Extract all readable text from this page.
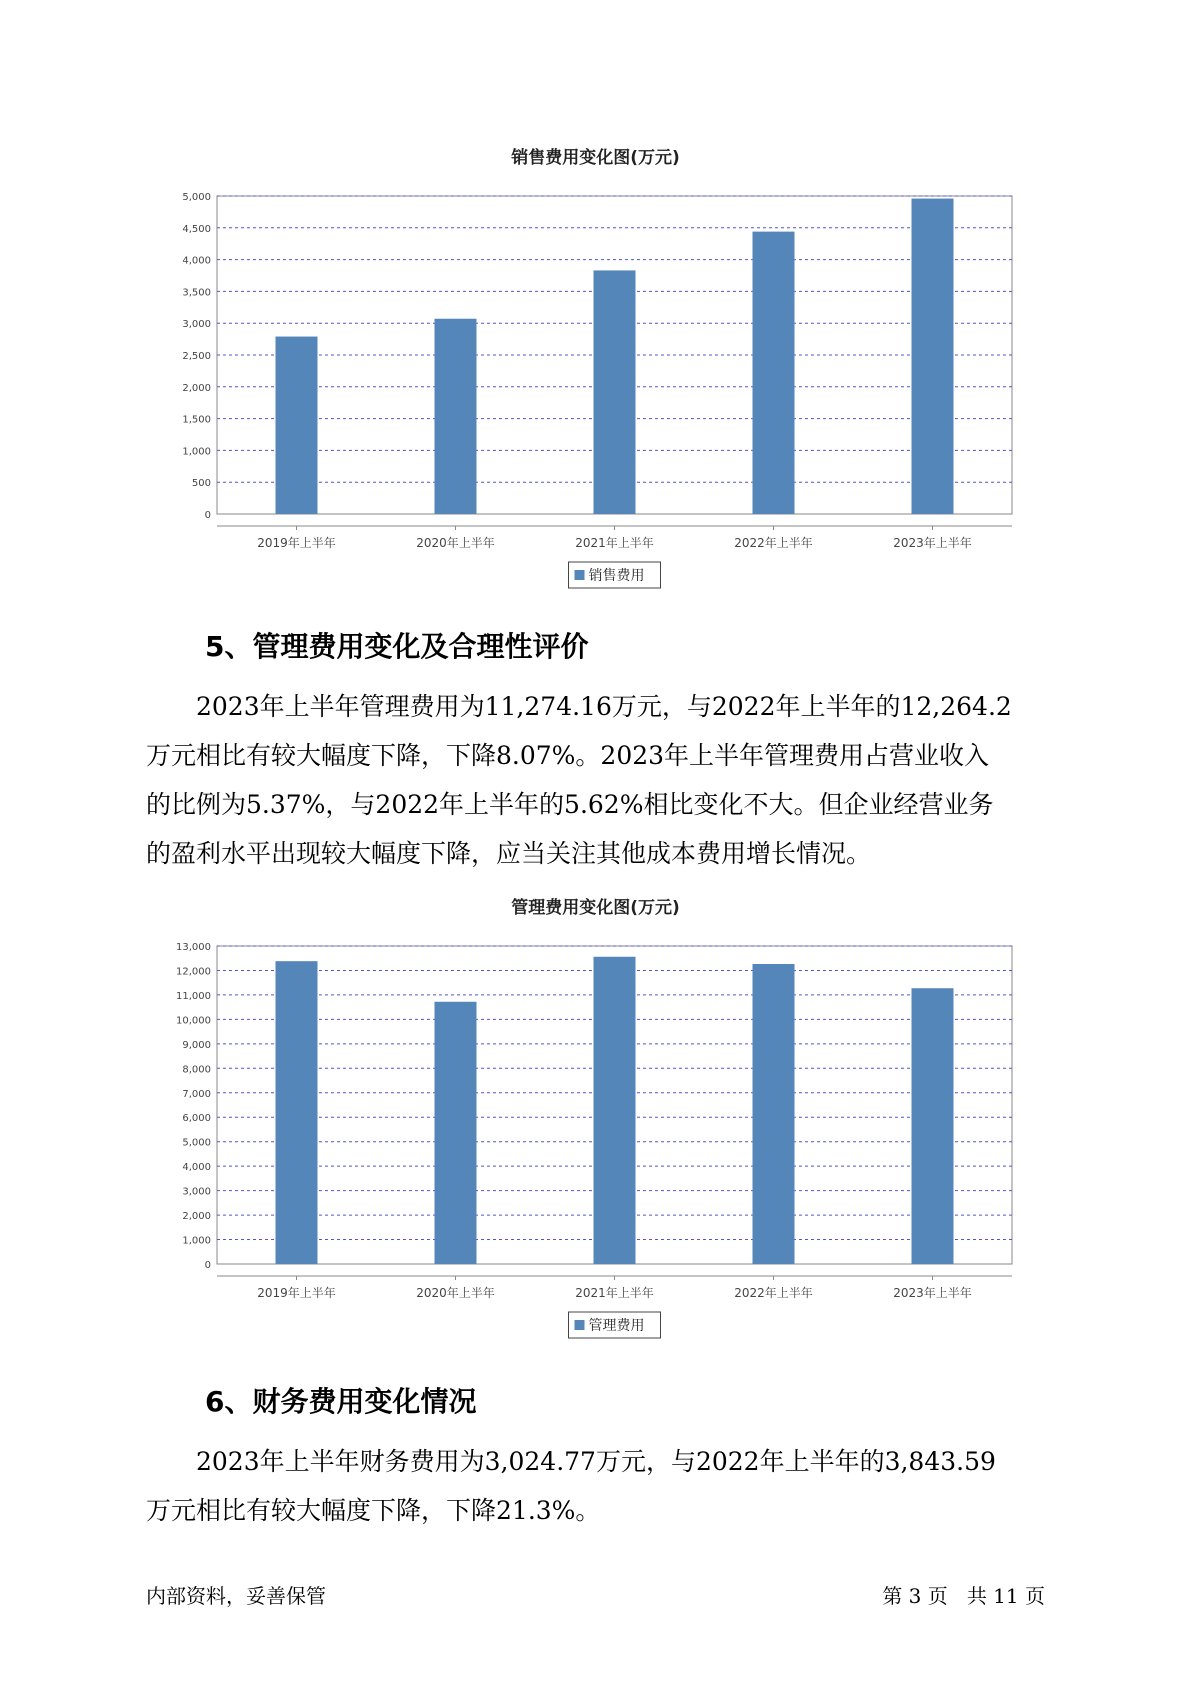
销售费用变化图(万元)
0
500
1,000
1,500
2,000
2,500
3,000
3,500
4,000
4,500
5,000
2019年上半年	2020年上半年	2021年上半年	2022年上半年	2023年上半年
销售费用
5、管理费用变化及合理性评价
2023年上半年管理费用为11,274.16万元，与2022年上半年的12,264.2
万元相比有较大幅度下降，下降8.07%。2023年上半年管理费用占营业收入
的比例为5.37%，与2022年上半年的5.62%相比变化不大。但企业经营业务
的盈利水平出现较大幅度下降，应当关注其他成本费用增长情况。
管理费用变化图(万元)
0
1,000
2,000
3,000
4,000
5,000
6,000
7,000
8,000
9,000
10,000
11,000
12,000
13,000
2019年上半年	2020年上半年	2021年上半年	2022年上半年	2023年上半年
管理费用
6、财务费用变化情况
2023年上半年财务费用为3,024.77万元，与2022年上半年的3,843.59
万元相比有较大幅度下降，下降21.3%。
内部资料，妥善保管	第 3 页   共 11 页
